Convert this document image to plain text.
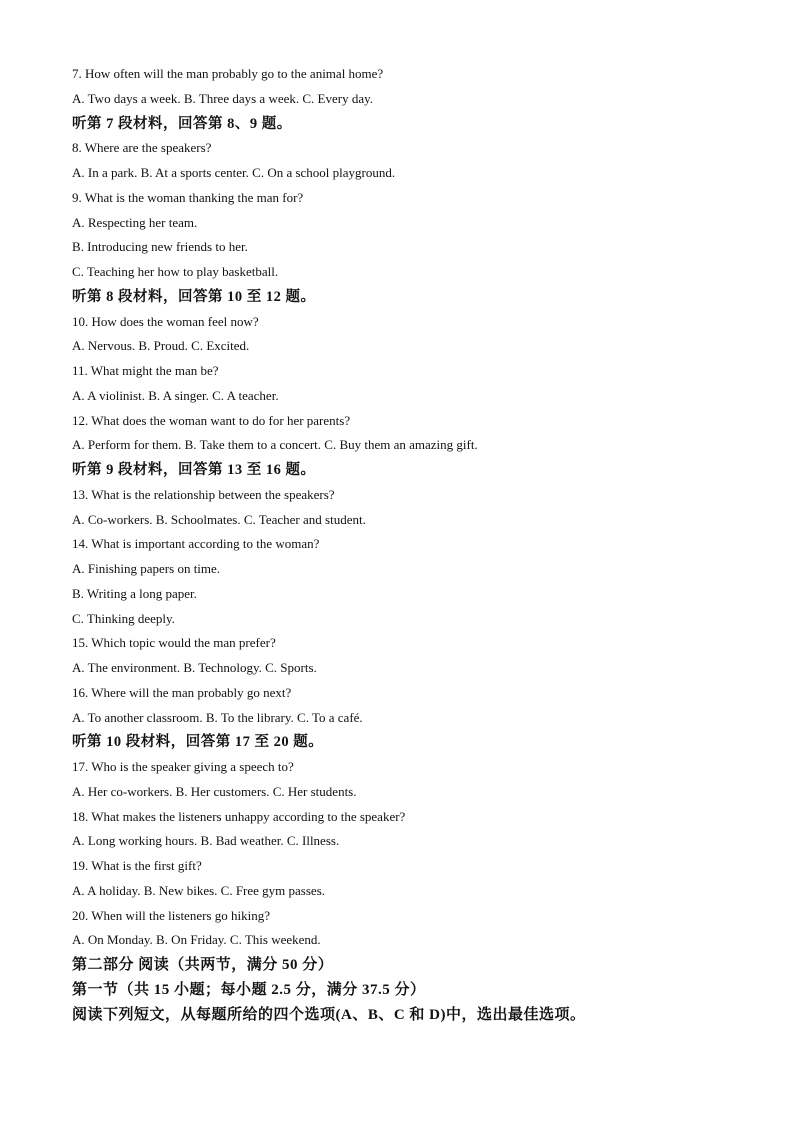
7. How often will the man probably go to the animal home?
A. Two days a week. B. Three days a week. C. Every day.
听第 7 段材料，回答第 8、9 题。
8. Where are the speakers?
A. In a park. B. At a sports center. C. On a school playground.
9. What is the woman thanking the man for?
A. Respecting her team.
B. Introducing new friends to her.
C. Teaching her how to play basketball.
听第 8 段材料，回答第 10 至 12 题。
10. How does the woman feel now?
A. Nervous. B. Proud. C. Excited.
11. What might the man be?
A. A violinist. B. A singer. C. A teacher.
12. What does the woman want to do for her parents?
A. Perform for them. B. Take them to a concert. C. Buy them an amazing gift.
听第 9 段材料，回答第 13 至 16 题。
13. What is the relationship between the speakers?
A. Co-workers. B. Schoolmates. C. Teacher and student.
14. What is important according to the woman?
A. Finishing papers on time.
B. Writing a long paper.
C. Thinking deeply.
15. Which topic would the man prefer?
A. The environment. B. Technology. C. Sports.
16. Where will the man probably go next?
A. To another classroom. B. To the library. C. To a café.
听第 10 段材料，回答第 17 至 20 题。
17. Who is the speaker giving a speech to?
A. Her co-workers. B. Her customers. C. Her students.
18. What makes the listeners unhappy according to the speaker?
A. Long working hours. B. Bad weather. C. Illness.
19. What is the first gift?
A. A holiday. B. New bikes. C. Free gym passes.
20. When will the listeners go hiking?
A. On Monday. B. On Friday. C. This weekend.
第二部分 阅读（共两节，满分 50 分）
第一节（共 15 小题；每小题 2.5 分，满分 37.5 分）
阅读下列短文，从每题所给的四个选项(A、B、C 和 D)中，选出最佳选项。
